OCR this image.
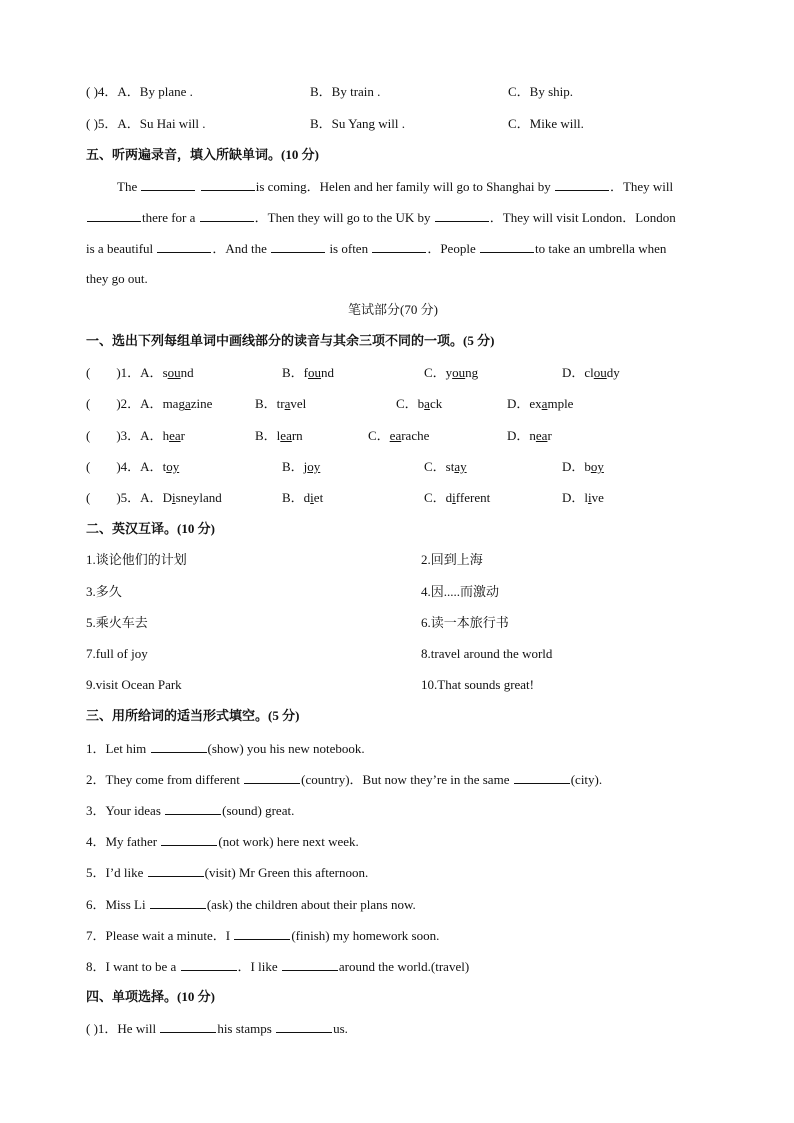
( )4．A．By plane .	B．By train .	C．By ship.
( )5．A．Su Hai will .	B．Su Yang will .	C．Mike will.
五、听两遍录音，填入所缺单词。(10 分)
The	is coming．Helen and her family will go to Shanghai by	．They will
there for a	．Then they will go to the UK by	．They will visit London．London
is a beautiful	．And the	is often	．People	to take an umbrella when
they go out.
笔试部分(70 分)
一、选出下列每组单词中画线部分的读音与其余三项不同的一项。(5 分)
(        )1．A．sound	B．found	C．young	D．cloudy
(        )2．A．magazine	B．travel	C．back	D．example
(        )3．A．hear	B．learn	C．earache	D．near
(        )4．A．toy	B．joy	C．stay	D．boy
(        )5．A．Disneyland	B．diet	C．different	D．live
二、英汉互译。(10 分)
1.谈论他们的计划	2.回到上海
3.多久	4.因.....而激动
5.乘火车去	6.读一本旅行书
7.full of joy	8.travel around the world
9.visit Ocean Park	10.That sounds great!
三、用所给词的适当形式填空。(5 分)
1．Let him	(show) you his new notebook.
2．They come from different	(country)．But now they’re in the same	(city).
3．Your ideas	(sound) great.
4．My father	(not work) here next week.
5．I’d like	(visit) Mr Green this afternoon.
6．Miss Li	(ask) the children about their plans now.
7．Please wait a minute．I	(finish) my homework soon.
8．I want to be a	．I like	around the world.(travel)
四、单项选择。(10 分)
( )1．He will	his stamps	us.
